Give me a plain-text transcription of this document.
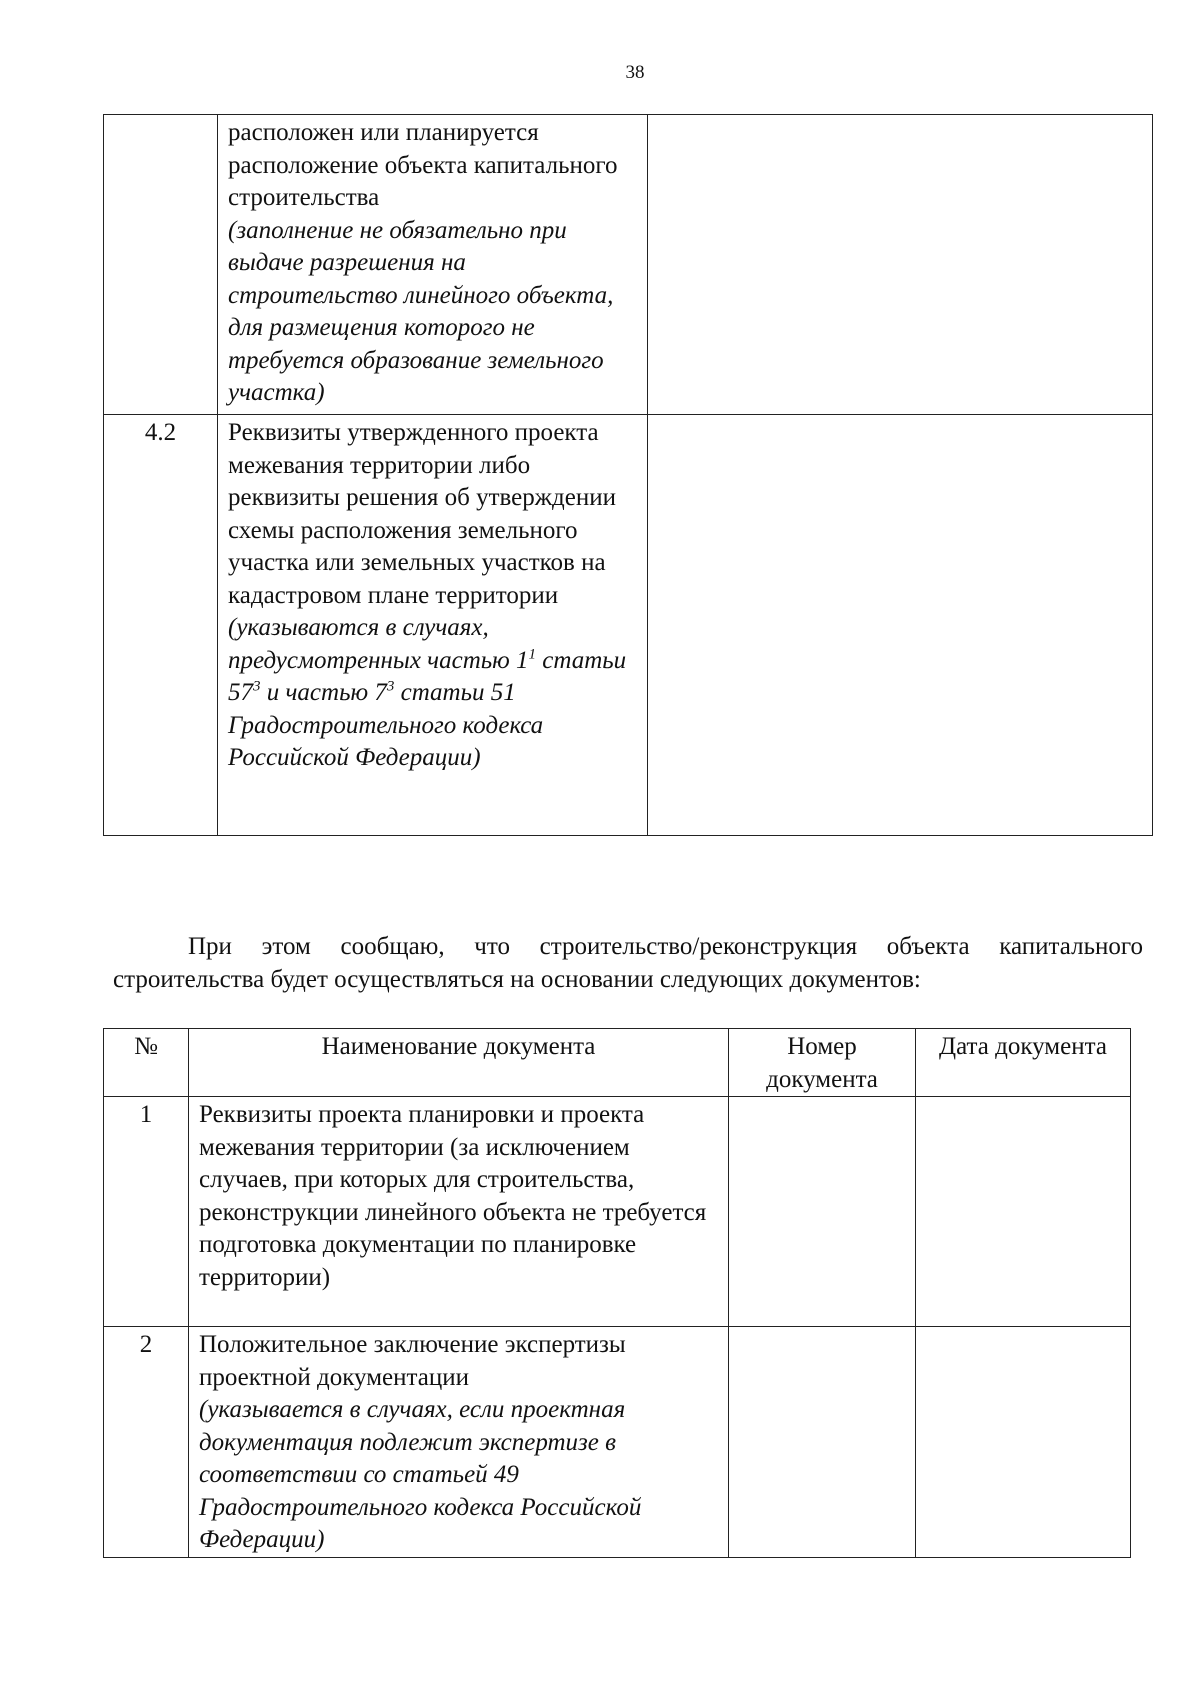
38

	расположен или планируется расположение объекта капитального строительства
(заполнение не обязательно при выдаче разрешения на строительство линейного объекта, для размещения которого не требуется образование земельного участка)	

4.2	Реквизиты утвержденного проекта межевания территории либо реквизиты решения об утверждении схемы расположения земельного участка или земельных участков на кадастровом плане территории
(указываются в случаях, предусмотренных частью $1^1$ статьи $57^3$ и частью $7^3$ статьи 51 Градостроительного кодекса Российской Федерации)	

При этом сообщаю, что строительство/реконструкция объекта капитального
строительства будет осуществляться на основании следующих документов:
№	Наименование документа	Номер документа	Дата документа
1	Реквизиты проекта планировки и проекта межевания территории (за исключением случаев, при которых для строительства, реконструкции линейного объекта не требуется подготовка документации по планировке территории)		

2	Положительное заключение экспертизы проектной документации
(указывается в случаях, если проектная документация подлежит экспертизе в соответствии со статьей 49 Градостроительного кодекса Российской Федерации)		
